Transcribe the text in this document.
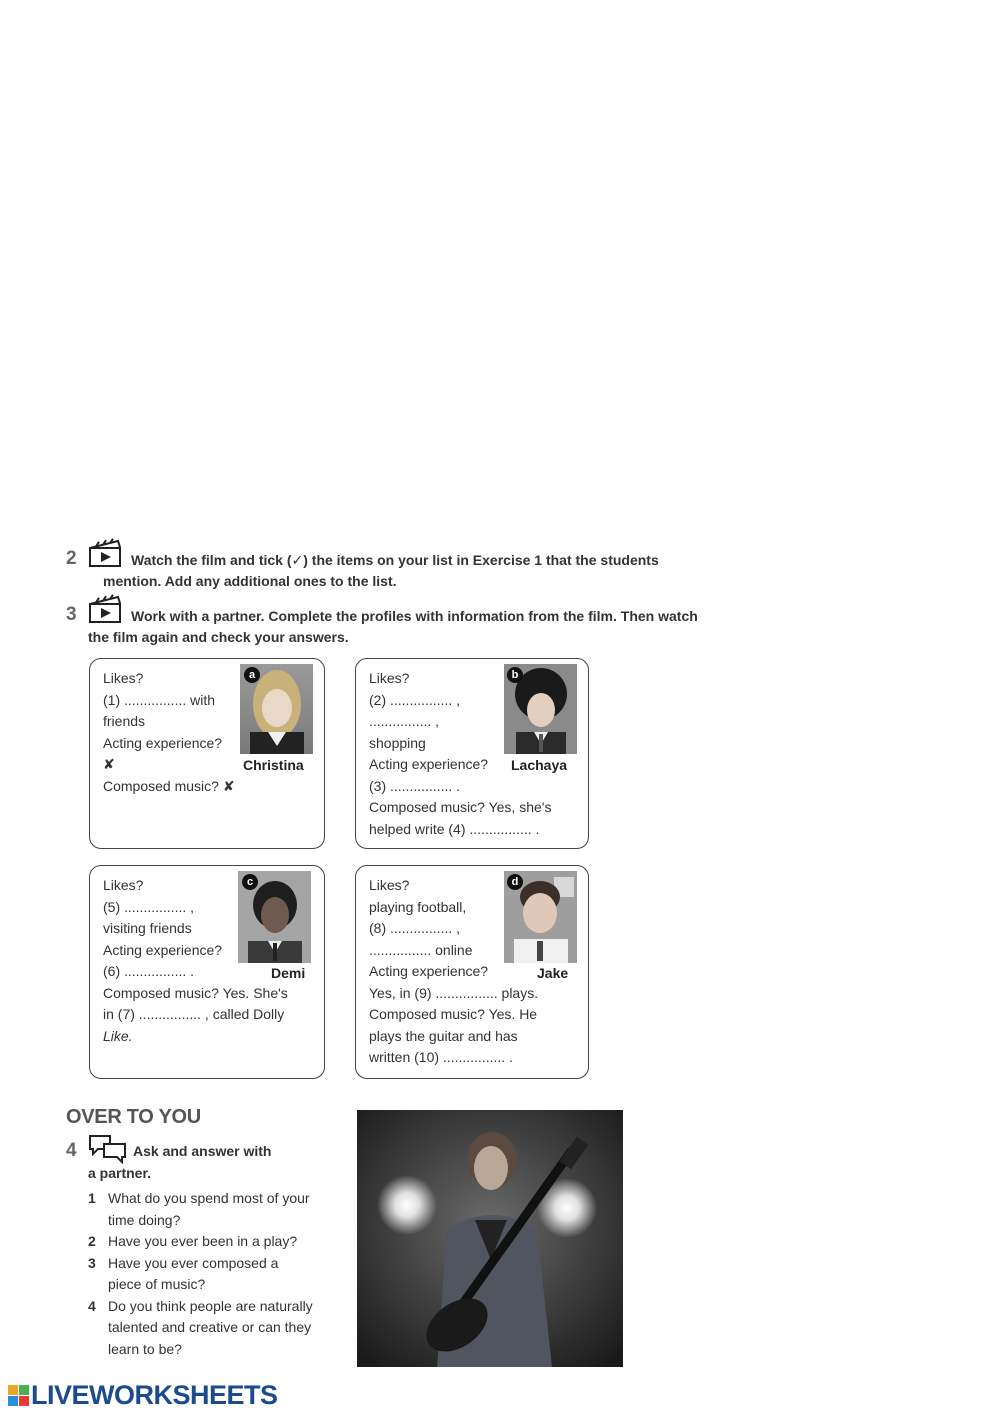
2	Watch the film and tick (✓) the items on your list in Exercise 1 that the students
mention. Add any additional ones to the list.
3	Work with a partner. Complete the profiles with information from the film. Then watch
the film again and check your answers.
Likes?
(1) ................ with
friends
Acting experience?
✘
Composed music? ✘
a
Christina
Likes?
(2) ................ ,
................ ,
shopping
Acting experience?
(3) ................ .
Composed music? Yes, she's
helped write (4) ................ .
b
Lachaya
Likes?
(5) ................ ,
visiting friends
Acting experience?
(6) ................ .
Composed music? Yes. She's
in (7) ................ , called Dolly
Like.
c
Demi
Likes?
playing football,
(8) ................ ,
................ online
Acting experience?
Yes, in (9) ................ plays.
Composed music? Yes. He
plays the guitar and has
written (10) ................ .
d
Jake
OVER TO YOU
4	Ask and answer with
a partner.
1 What do you spend most of your
time doing?
2 Have you ever been in a play?
3 Have you ever composed a
piece of music?
4 Do you think people are naturally
talented and creative or can they
learn to be?
LIVEWORKSHEETS
